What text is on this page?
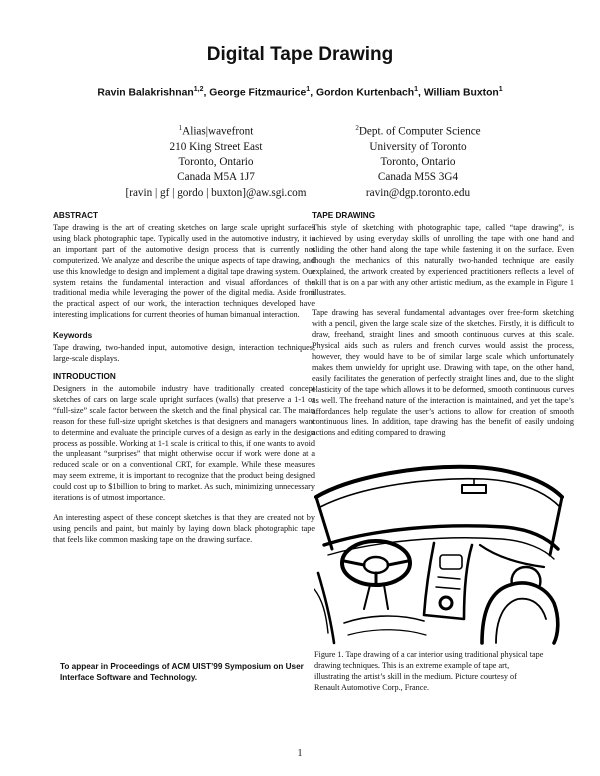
Digital Tape Drawing
Ravin Balakrishnan$^{1,2}$, George Fitzmaurice$^1$, Gordon Kurtenbach$^1$, William Buxton$^1$
$^1$Alias|wavefront
210 King Street East
Toronto, Ontario
Canada M5A 1J7
[ravin | gf | gordo | buxton]@aw.sgi.com
$^2$Dept. of Computer Science
University of Toronto
Toronto, Ontario
Canada M5S 3G4
ravin@dgp.toronto.edu
ABSTRACT

Tape drawing is the art of creating sketches on large scale upright surfaces using black photographic tape. Typically used in the automotive industry, it is an important part of the automotive design process that is currently not computerized. We analyze and describe the unique aspects of tape drawing, and use this knowledge to design and implement a digital tape drawing system. Our system retains the fundamental interaction and visual affordances of the traditional media while leveraging the power of the digital media. Aside from the practical aspect of our work, the interaction techniques developed have interesting implications for current theories of human bimanual interaction.

Keywords

Tape drawing, two-handed input, automotive design, interaction techniques, large-scale displays.

INTRODUCTION

Designers in the automobile industry have traditionally created concept sketches of cars on large scale upright surfaces (walls) that preserve a 1-1 or “full-size” scale factor between the sketch and the final physical car. The main reason for these full-size upright sketches is that designers and managers want to determine and evaluate the principle curves of a design as early in the design process as possible. Working at 1-1 scale is critical to this, if one wants to avoid the unpleasant “surprises” that might otherwise occur if work were done at a reduced scale or on a conventional CRT, for example. While these measures may seem extreme, it is important to recognize that the product being designed could cost up to $1billion to bring to market. As such, minimizing unnecessary iterations is of utmost importance.

An interesting aspect of these concept sketches is that they are created not by using pencils and paint, but mainly by laying down black photographic tape that feels like common masking tape on the drawing surface.

To appear in Proceedings of ACM UIST’99 Symposium on User Interface Software and Technology.
TAPE DRAWING

This style of sketching with photographic tape, called “tape drawing”, is achieved by using everyday skills of unrolling the tape with one hand and sliding the other hand along the tape while fastening it on the surface. Even though the mechanics of this naturally two-handed technique are easily explained, the artwork created by experienced practitioners reflects a level of skill that is on a par with any other artistic medium, as the example in Figure 1 illustrates.

Tape drawing has several fundamental advantages over free-form sketching with a pencil, given the large scale size of the sketches. Firstly, it is difficult to draw, freehand, straight lines and smooth continuous curves at this scale. Physical aids such as rulers and french curves would assist the process, however, they would have to be of similar large scale which unfortunately makes them unwieldy for upright use. Drawing with tape, on the other hand, easily facilitates the generation of perfectly straight lines and, due to the slight elasticity of the tape which allows it to be deformed, smooth continuous curves as well. The freehand nature of the interaction is maintained, and yet the tape’s affordances help regulate the user’s actions to allow for creation of smooth continuous lines. In addition, tape drawing has the benefit of easily undoing actions and editing compared to drawing

Figure 1. Tape drawing of a car interior using traditional physical tape drawing techniques. This is an extreme example of tape art, illustrating the artist’s skill in the medium. Picture courtesy of Renault Automotive Corp., France.
1
